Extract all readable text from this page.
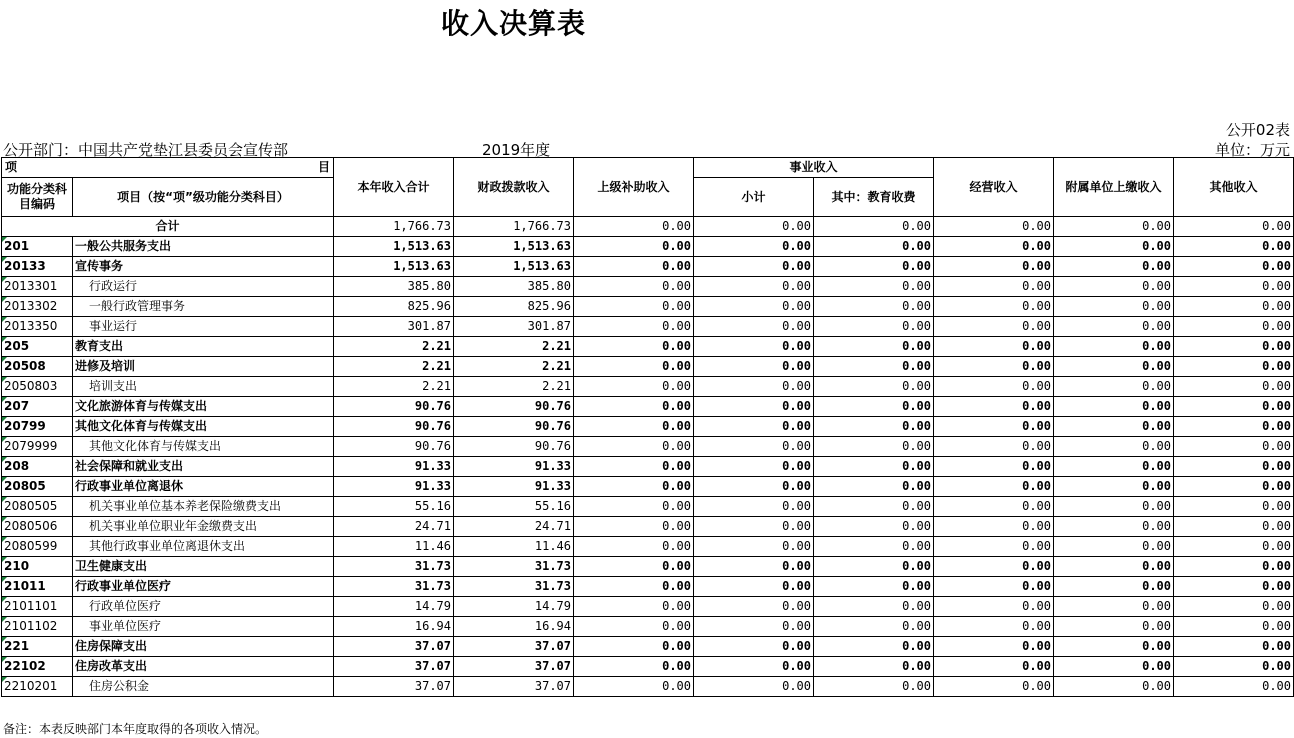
收入决算表
公开02表
公开部门：中国共产党垫江县委员会宣传部	2019年度	单位：万元
项 目		本年收入合计	财政拨款收入	上级补助收入	事业收入		经营收入	附属单位上缴收入	其他收入
功能分类科目编码	项目（按“项”级功能分类科目）								
					小计	其中：教育收费			
合计		1,766.73	1,766.73	0.00	0.00	0.00	0.00	0.00	0.00
201	一般公共服务支出	1,513.63	1,513.63	0.00	0.00	0.00	0.00	0.00	0.00
20133	宣传事务	1,513.63	1,513.63	0.00	0.00	0.00	0.00	0.00	0.00
2013301	行政运行	385.80	385.80	0.00	0.00	0.00	0.00	0.00	0.00
2013302	一般行政管理事务	825.96	825.96	0.00	0.00	0.00	0.00	0.00	0.00
2013350	事业运行	301.87	301.87	0.00	0.00	0.00	0.00	0.00	0.00
205	教育支出	2.21	2.21	0.00	0.00	0.00	0.00	0.00	0.00
20508	进修及培训	2.21	2.21	0.00	0.00	0.00	0.00	0.00	0.00
2050803	培训支出	2.21	2.21	0.00	0.00	0.00	0.00	0.00	0.00
207	文化旅游体育与传媒支出	90.76	90.76	0.00	0.00	0.00	0.00	0.00	0.00
20799	其他文化体育与传媒支出	90.76	90.76	0.00	0.00	0.00	0.00	0.00	0.00
2079999	其他文化体育与传媒支出	90.76	90.76	0.00	0.00	0.00	0.00	0.00	0.00
208	社会保障和就业支出	91.33	91.33	0.00	0.00	0.00	0.00	0.00	0.00
20805	行政事业单位离退休	91.33	91.33	0.00	0.00	0.00	0.00	0.00	0.00
2080505	机关事业单位基本养老保险缴费支出	55.16	55.16	0.00	0.00	0.00	0.00	0.00	0.00
2080506	机关事业单位职业年金缴费支出	24.71	24.71	0.00	0.00	0.00	0.00	0.00	0.00
2080599	其他行政事业单位离退休支出	11.46	11.46	0.00	0.00	0.00	0.00	0.00	0.00
210	卫生健康支出	31.73	31.73	0.00	0.00	0.00	0.00	0.00	0.00
21011	行政事业单位医疗	31.73	31.73	0.00	0.00	0.00	0.00	0.00	0.00
2101101	行政单位医疗	14.79	14.79	0.00	0.00	0.00	0.00	0.00	0.00
2101102	事业单位医疗	16.94	16.94	0.00	0.00	0.00	0.00	0.00	0.00
221	住房保障支出	37.07	37.07	0.00	0.00	0.00	0.00	0.00	0.00
22102	住房改革支出	37.07	37.07	0.00	0.00	0.00	0.00	0.00	0.00
2210201	住房公积金	37.07	37.07	0.00	0.00	0.00	0.00	0.00	0.00
备注：本表反映部门本年度取得的各项收入情况。
